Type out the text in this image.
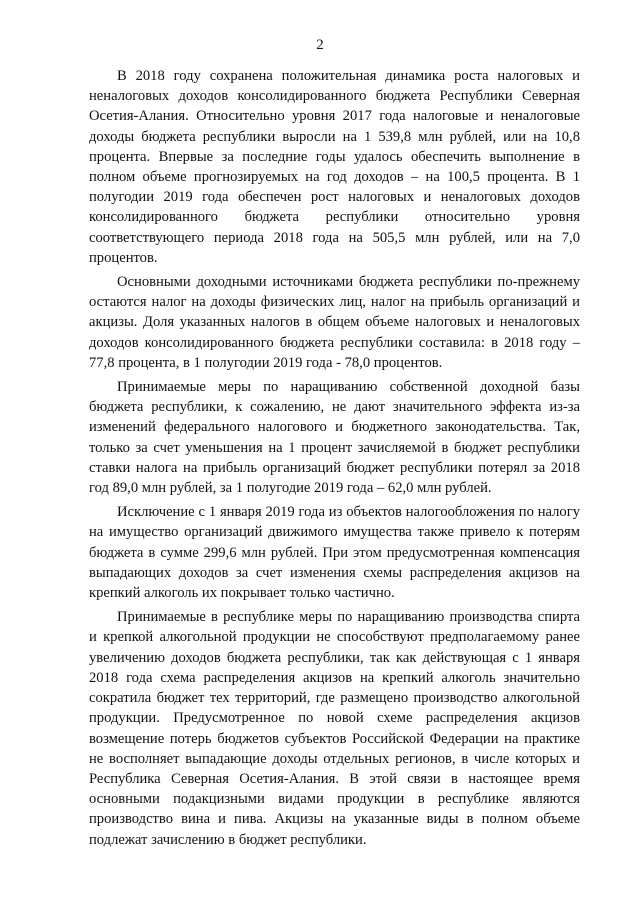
2

В 2018 году сохранена положительная динамика роста налоговых и неналоговых доходов консолидированного бюджета Республики Северная Осетия-Алания. Относительно уровня 2017 года налоговые и неналоговые доходы бюджета республики выросли на 1 539,8 млн рублей, или на 10,8 процента. Впервые за последние годы удалось обеспечить выполнение в полном объеме прогнозируемых на год доходов – на 100,5 процента. В 1 полугодии 2019 года обеспечен рост налоговых и неналоговых доходов консолидированного бюджета республики относительно уровня соответствующего периода 2018 года на 505,5 млн рублей, или на 7,0 процентов.

Основными доходными источниками бюджета республики по-прежнему остаются налог на доходы физических лиц, налог на прибыль организаций и акцизы. Доля указанных налогов в общем объеме налоговых и неналоговых доходов консолидированного бюджета республики составила: в 2018 году – 77,8 процента, в 1 полугодии 2019 года - 78,0 процентов.

Принимаемые меры по наращиванию собственной доходной базы бюджета республики, к сожалению, не дают значительного эффекта из-за изменений федерального налогового и бюджетного законодательства. Так, только за счет уменьшения на 1 процент зачисляемой в бюджет республики ставки налога на прибыль организаций бюджет республики потерял за 2018 год 89,0 млн рублей, за 1 полугодие 2019 года – 62,0 млн рублей.

Исключение с 1 января 2019 года из объектов налогообложения по налогу на имущество организаций движимого имущества также привело к потерям бюджета в сумме 299,6 млн рублей. При этом предусмотренная компенсация выпадающих доходов за счет изменения схемы распределения акцизов на крепкий алкоголь их покрывает только частично.

Принимаемые в республике меры по наращиванию производства спирта и крепкой алкогольной продукции не способствуют предполагаемому ранее увеличению доходов бюджета республики, так как действующая с 1 января 2018 года схема распределения акцизов на крепкий алкоголь значительно сократила бюджет тех территорий, где размещено производство алкогольной продукции. Предусмотренное по новой схеме распределения акцизов возмещение потерь бюджетов субъектов Российской Федерации на практике не восполняет выпадающие доходы отдельных регионов, в числе которых и Республика Северная Осетия-Алания. В этой связи в настоящее время основными подакцизными видами продукции в республике являются производство вина и пива. Акцизы на указанные виды в полном объеме подлежат зачислению в бюджет республики.
